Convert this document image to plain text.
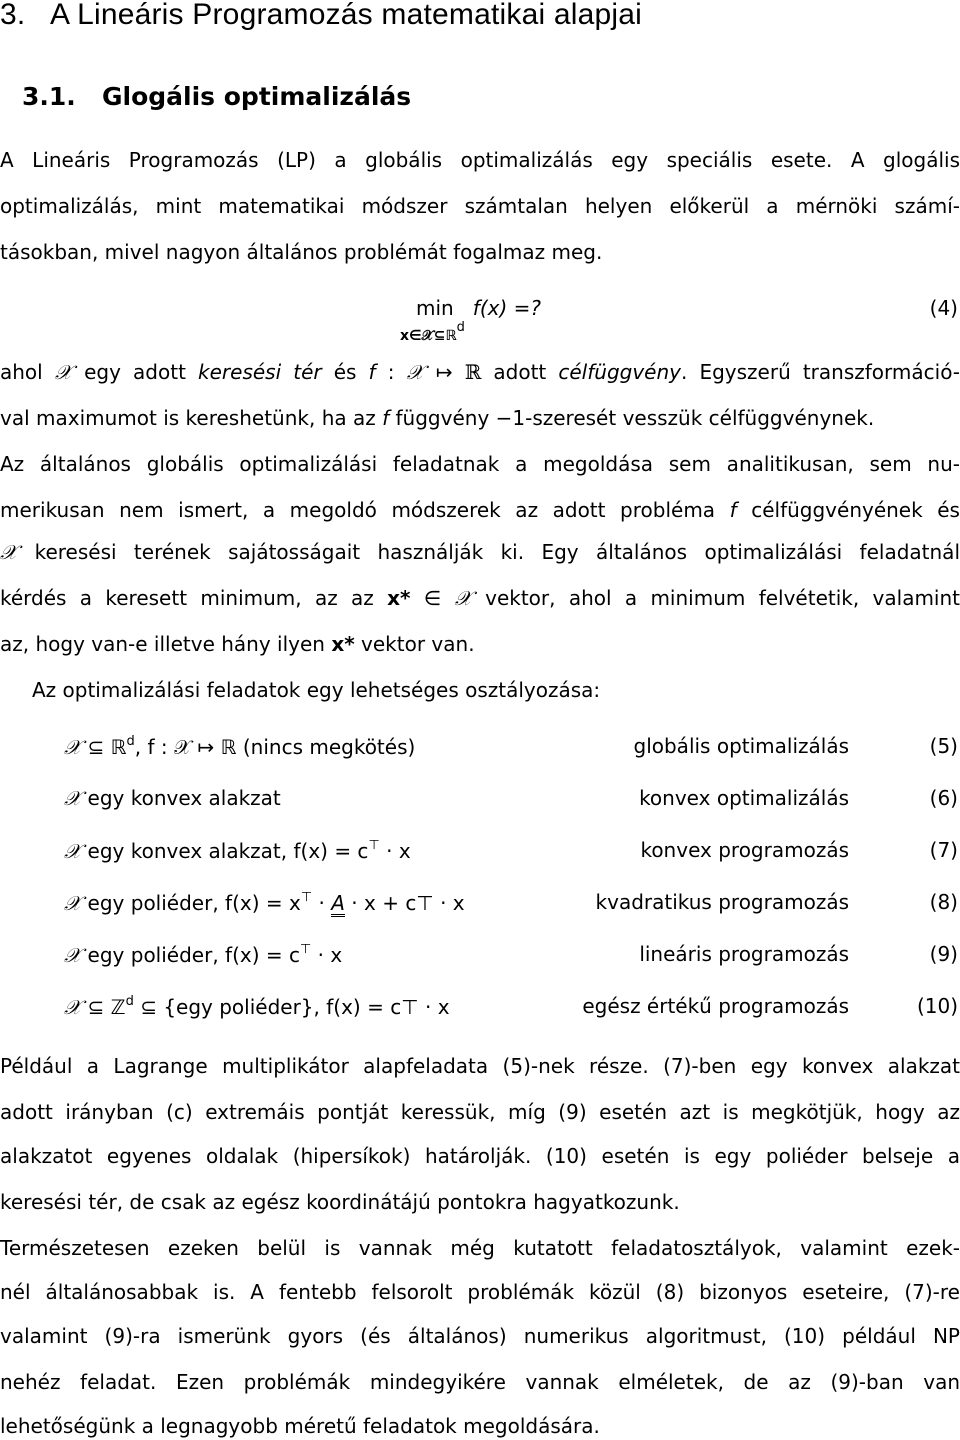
3. A Lineáris Programozás matematikai alapjai
3.1. Glogális optimalizálás
A Lineáris Programozás (LP) a globális optimalizálás egy speciális esete. A glogális
optimalizálás, mint matematikai módszer számtalan helyen előkerül a mérnöki számí-
tásokban, mivel nagyon általános problémát fogalmaz meg.
min f(x) =?
x∈𝒳⊆ℝ$^d$
(4)
ahol 𝒳 egy adott keresési tér és f : 𝒳 ↦ ℝ adott célfüggvény. Egyszerű transzformáció-
val maximumot is kereshetünk, ha az f függvény −1-szeresét vesszük célfüggvénynek.
Az általános globális optimalizálási feladatnak a megoldása sem analitikusan, sem nu-
merikusan nem ismert, a megoldó módszerek az adott probléma f célfüggvényének és
𝒳 keresési terének sajátosságait használják ki. Egy általános optimalizálási feladatnál
kérdés a keresett minimum, az az x* ∈ 𝒳 vektor, ahol a minimum felvétetik, valamint
az, hogy van-e illetve hány ilyen x* vektor van.
Az optimalizálási feladatok egy lehetséges osztályozása:
𝒳 ⊆ ℝ$^d$, f : 𝒳 ↦ ℝ (nincs megkötés)	globális optimalizálás	(5)
𝒳 egy konvex alakzat	konvex optimalizálás	(6)
𝒳 egy konvex alakzat, f(x) = c⊤ · x	konvex programozás	(7)
𝒳 egy poliéder, f(x) = x⊤ · A · x + c⊤ · x	kvadratikus programozás	(8)
𝒳 egy poliéder, f(x) = c⊤ · x	lineáris programozás	(9)
𝒳 ⊆ ℤ$^d$ ⊆ {egy poliéder}, f(x) = c⊤ · x	egész értékű programozás	(10)
Például a Lagrange multiplikátor alapfeladata (5)-nek része. (7)-ben egy konvex alakzat
adott irányban (c) extremáis pontját keressük, míg (9) esetén azt is megkötjük, hogy az
alakzatot egyenes oldalak (hipersíkok) határolják. (10) esetén is egy poliéder belseje a
keresési tér, de csak az egész koordinátájú pontokra hagyatkozunk.
Természetesen ezeken belül is vannak még kutatott feladatosztályok, valamint ezek-
nél általánosabbak is. A fentebb felsorolt problémák közül (8) bizonyos eseteire, (7)-re
valamint (9)-ra ismerünk gyors (és általános) numerikus algoritmust, (10) például NP
nehéz feladat. Ezen problémák mindegyikére vannak elméletek, de az (9)-ban van
lehetőségünk a legnagyobb méretű feladatok megoldására.
